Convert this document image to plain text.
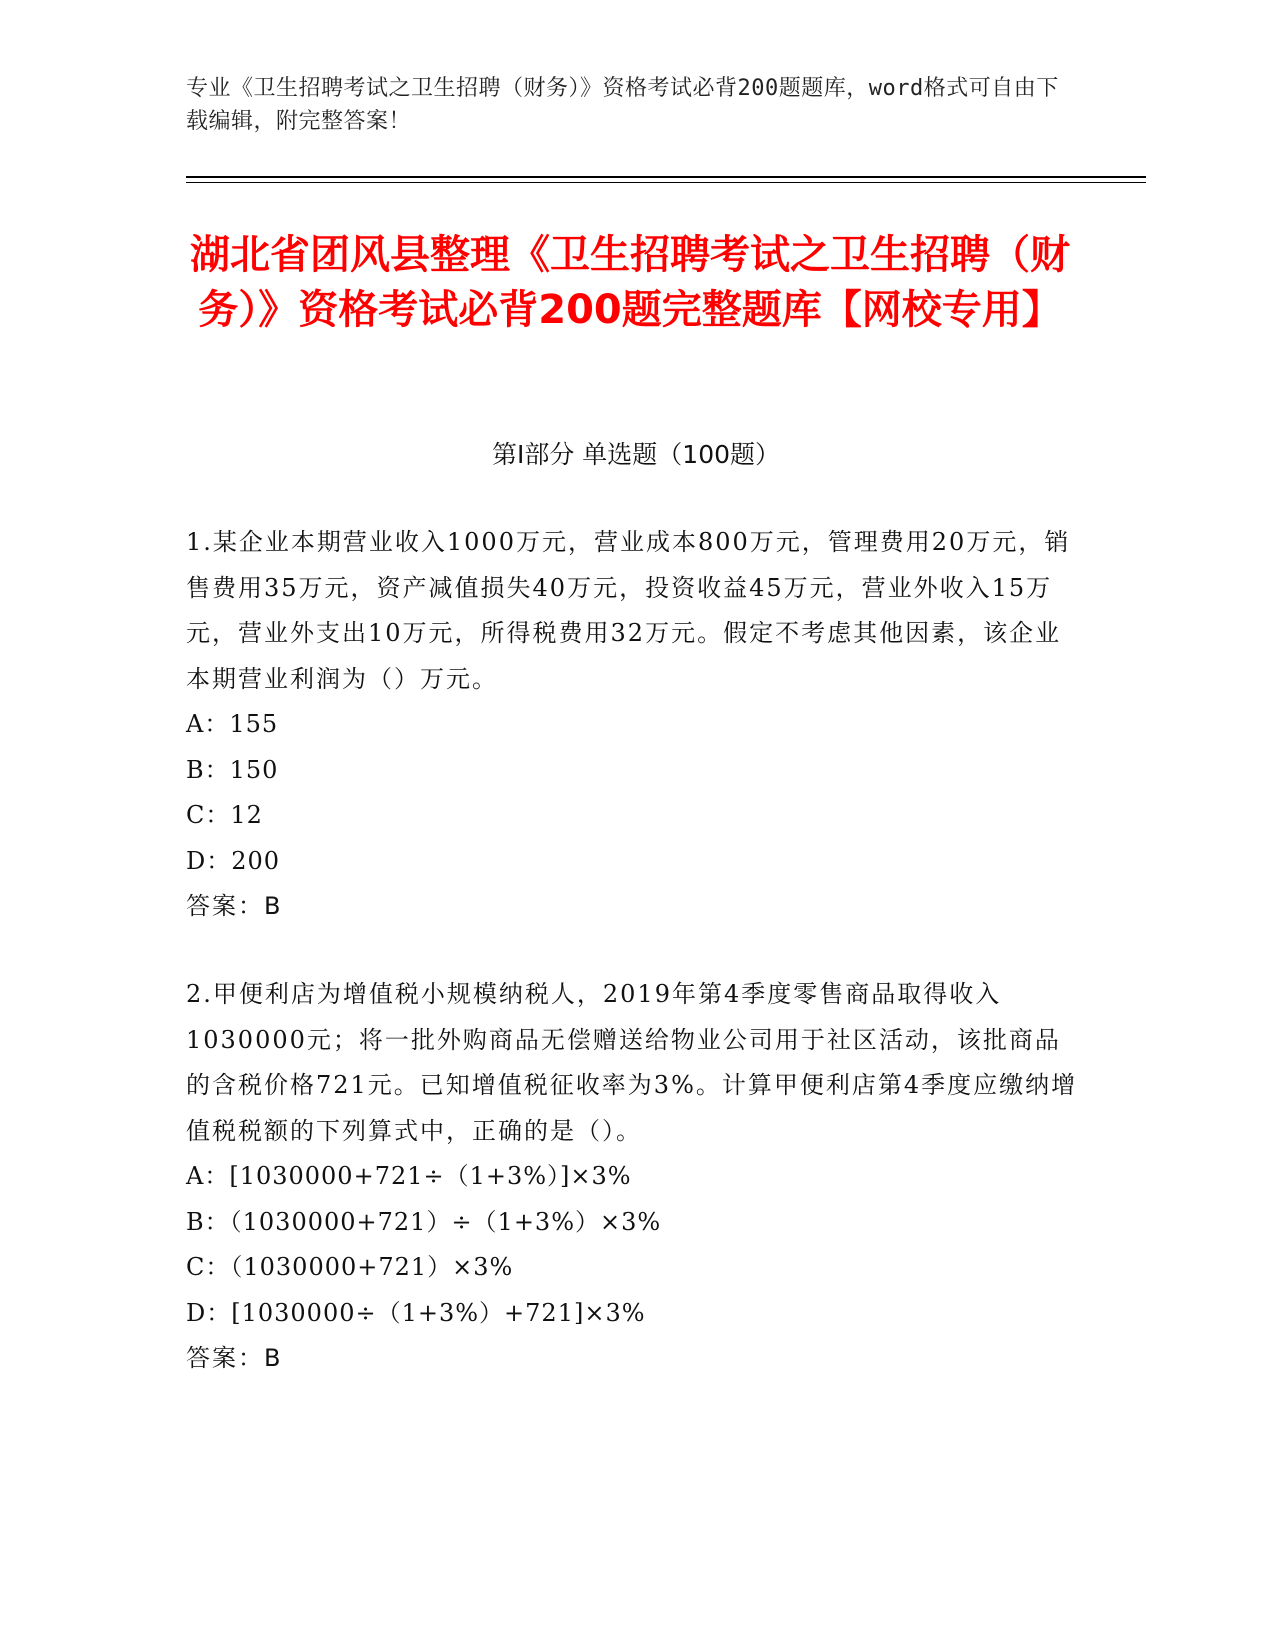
专业《卫生招聘考试之卫生招聘（财务）》资格考试必背200题题库，word格式可自由下载编辑，附完整答案！
湖北省团风县整理《卫生招聘考试之卫生招聘（财务）》资格考试必背200题完整题库【网校专用】
第Ⅰ部分 单选题（100题）

1.某企业本期营业收入1000万元，营业成本800万元，管理费用20万元，销售费用35万元，资产减值损失40万元，投资收益45万元，营业外收入15万元，营业外支出10万元，所得税费用32万元。假定不考虑其他因素，该企业本期营业利润为（）万元。

A：155

B：150

C：12

D：200

答案：B

2.甲便利店为增值税小规模纳税人，2019年第4季度零售商品取得收入1030000元；将一批外购商品无偿赠送给物业公司用于社区活动，该批商品的含税价格721元。已知增值税征收率为3%。计算甲便利店第4季度应缴纳增值税税额的下列算式中，正确的是（）。

A：[1030000+721÷（1+3%）]×3%

B：（1030000+721）÷（1+3%）×3%

C：（1030000+721）×3%

D：[1030000÷（1+3%）+721]×3%

答案：B
